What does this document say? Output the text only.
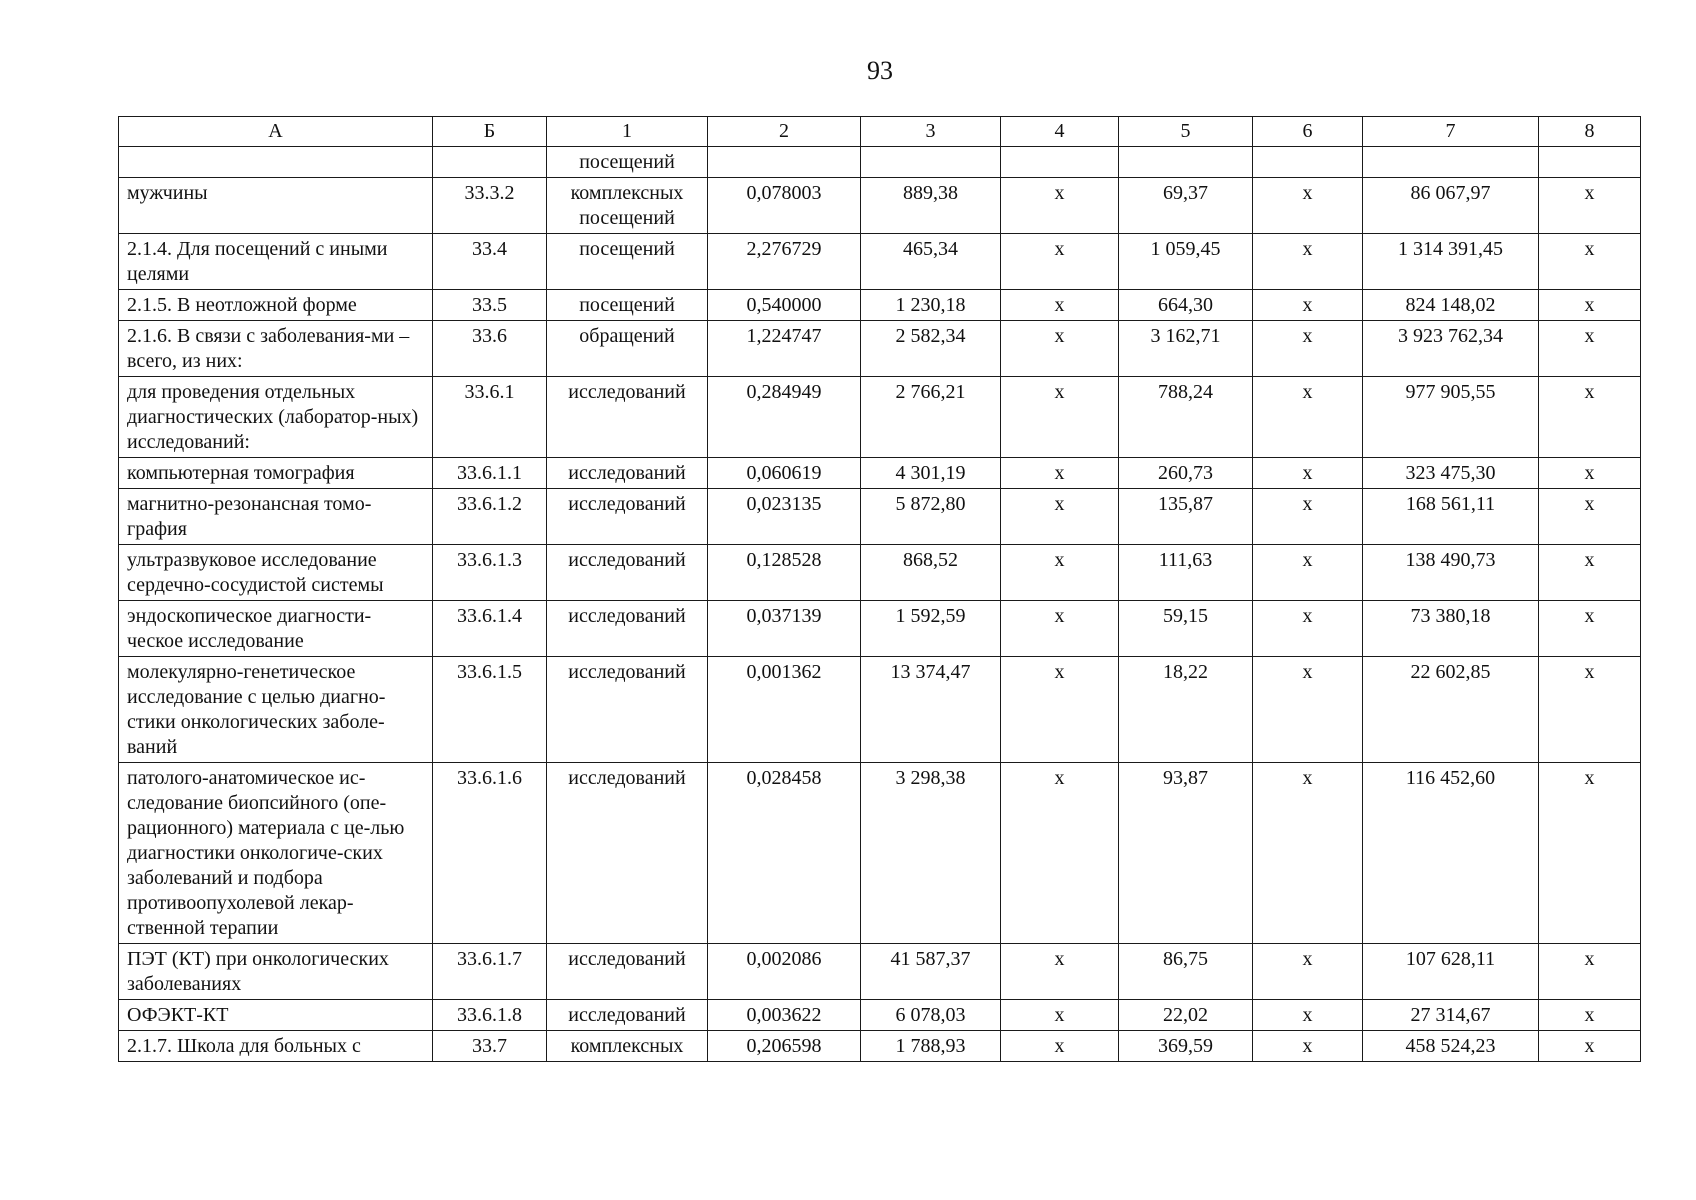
93
А	Б	1	2	3	4	5	6	7	8
		посещений							
мужчины	33.3.2	комплексных посещений	0,078003	889,38	х	69,37	х	86 067,97	х
2.1.4. Для посещений с иными целями	33.4	посещений	2,276729	465,34	х	1 059,45	х	1 314 391,45	х
2.1.5. В неотложной форме	33.5	посещений	0,540000	1 230,18	х	664,30	х	824 148,02	х
2.1.6. В связи с заболевания-ми – всего, из них:	33.6	обращений	1,224747	2 582,34	х	3 162,71	х	3 923 762,34	х
для проведения отдельных диагностических (лаборатор-ных) исследований:	33.6.1	исследований	0,284949	2 766,21	х	788,24	х	977 905,55	х
компьютерная томография	33.6.1.1	исследований	0,060619	4 301,19	х	260,73	х	323 475,30	х
магнитно-резонансная томо-графия	33.6.1.2	исследований	0,023135	5 872,80	х	135,87	х	168 561,11	х
ультразвуковое исследование сердечно-сосудистой системы	33.6.1.3	исследований	0,128528	868,52	х	111,63	х	138 490,73	х
эндоскопическое диагности-ческое исследование	33.6.1.4	исследований	0,037139	1 592,59	х	59,15	х	73 380,18	х
молекулярно-генетическое исследование с целью диагно-стики онкологических заболе-ваний	33.6.1.5	исследований	0,001362	13 374,47	х	18,22	х	22 602,85	х
патолого-анатомическое ис-следование биопсийного (опе-рационного) материала с це-лью диагностики онкологиче-ских заболеваний и подбора противоопухолевой лекар-ственной терапии	33.6.1.6	исследований	0,028458	3 298,38	х	93,87	х	116 452,60	х
ПЭТ (КТ) при онкологических заболеваниях	33.6.1.7	исследований	0,002086	41 587,37	х	86,75	х	107 628,11	х
ОФЭКТ-КТ	33.6.1.8	исследований	0,003622	6 078,03	х	22,02	х	27 314,67	х
2.1.7. Школа для больных с	33.7	комплексных	0,206598	1 788,93	х	369,59	х	458 524,23	х
